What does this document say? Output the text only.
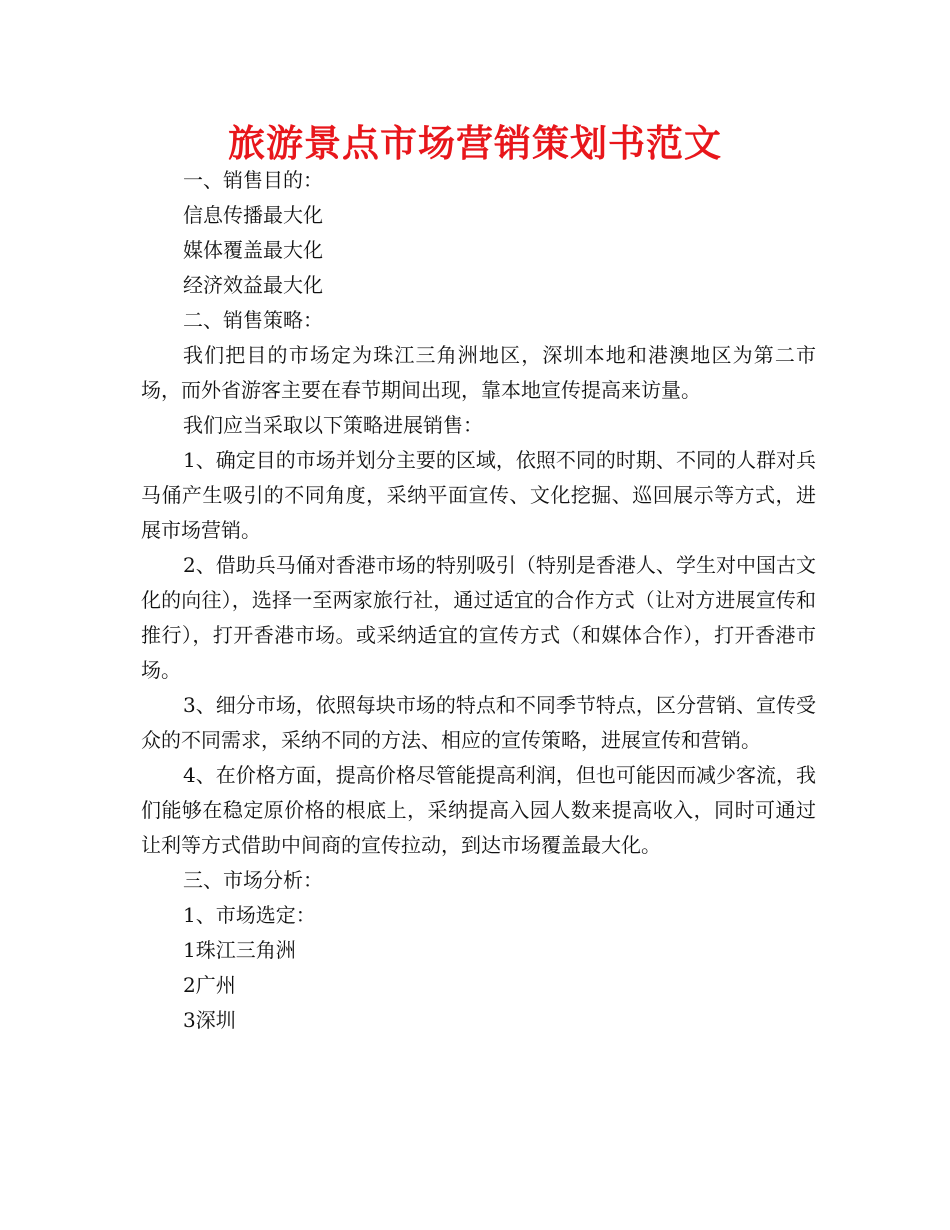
旅游景点市场营销策划书范文

一、销售目的：

信息传播最大化

媒体覆盖最大化

经济效益最大化

二、销售策略：

我们把目的市场定为珠江三角洲地区，深圳本地和港澳地区为第二市场，而外省游客主要在春节期间出现，靠本地宣传提高来访量。

我们应当采取以下策略进展销售：

1、确定目的市场并划分主要的区域，依照不同的时期、不同的人群对兵马俑产生吸引的不同角度，采纳平面宣传、文化挖掘、巡回展示等方式，进展市场营销。

2、借助兵马俑对香港市场的特别吸引（特别是香港人、学生对中国古文化的向往），选择一至两家旅行社，通过适宜的合作方式（让对方进展宣传和推行），打开香港市场。或采纳适宜的宣传方式（和媒体合作），打开香港市场。

3、细分市场，依照每块市场的特点和不同季节特点，区分营销、宣传受众的不同需求，采纳不同的方法、相应的宣传策略，进展宣传和营销。

4、在价格方面，提高价格尽管能提高利润，但也可能因而减少客流，我们能够在稳定原价格的根底上，采纳提高入园人数来提高收入，同时可通过让利等方式借助中间商的宣传拉动，到达市场覆盖最大化。

三、市场分析：

1、市场选定：

1珠江三角洲

2广州

3深圳
